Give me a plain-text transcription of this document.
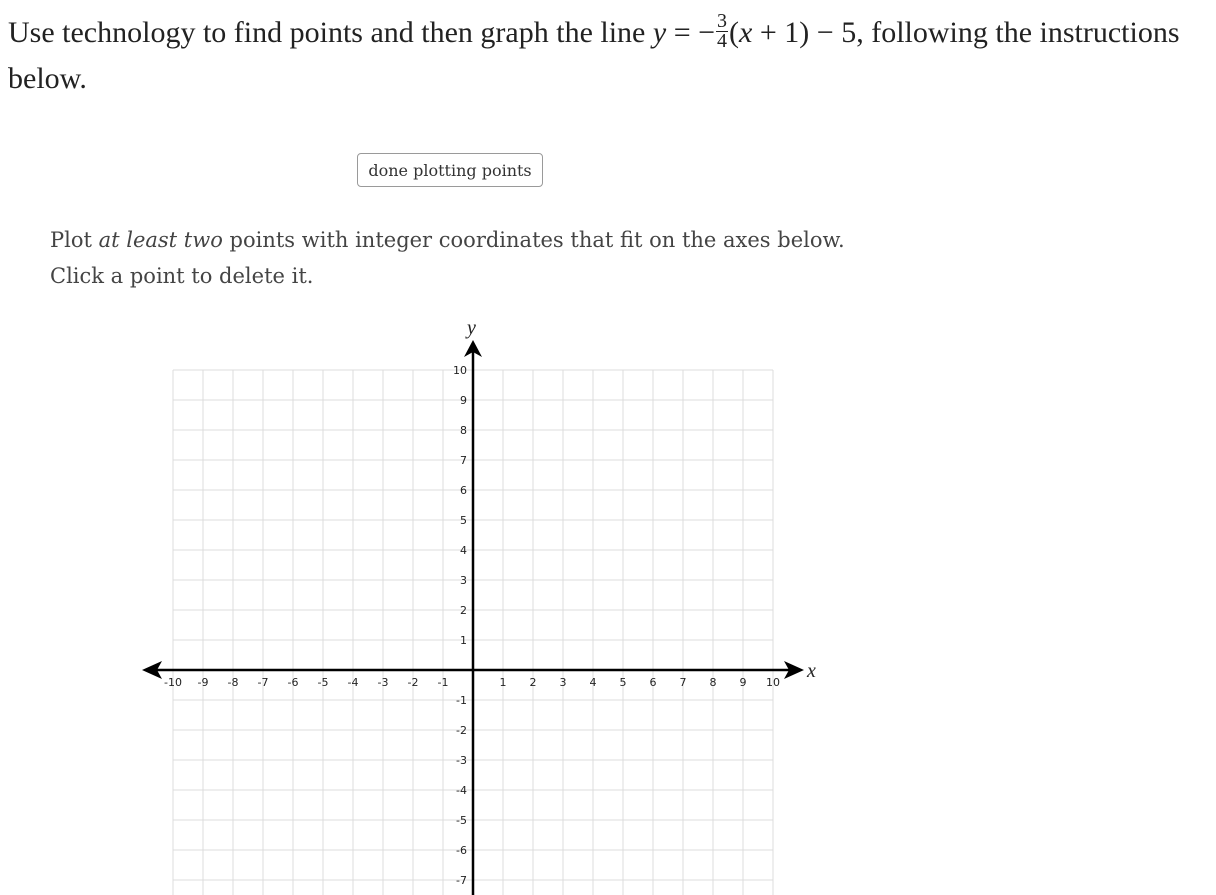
Use technology to find points and then graph the line y = − $\frac{3}{4} (x + 1) - 5$, following the instructions below.
done plotting points
Plot at least two points with integer coordinates that fit on the axes below.
Click a point to delete it.
x
y
-10 -9 -8 -7 -6 -5 -4 -3 -2 -1	1 2 3 4 5 6 7 8 9 10
10
9
8
7
6
5
4
3
2
1
-1
-2
-3
-4
-5
-6
-7
